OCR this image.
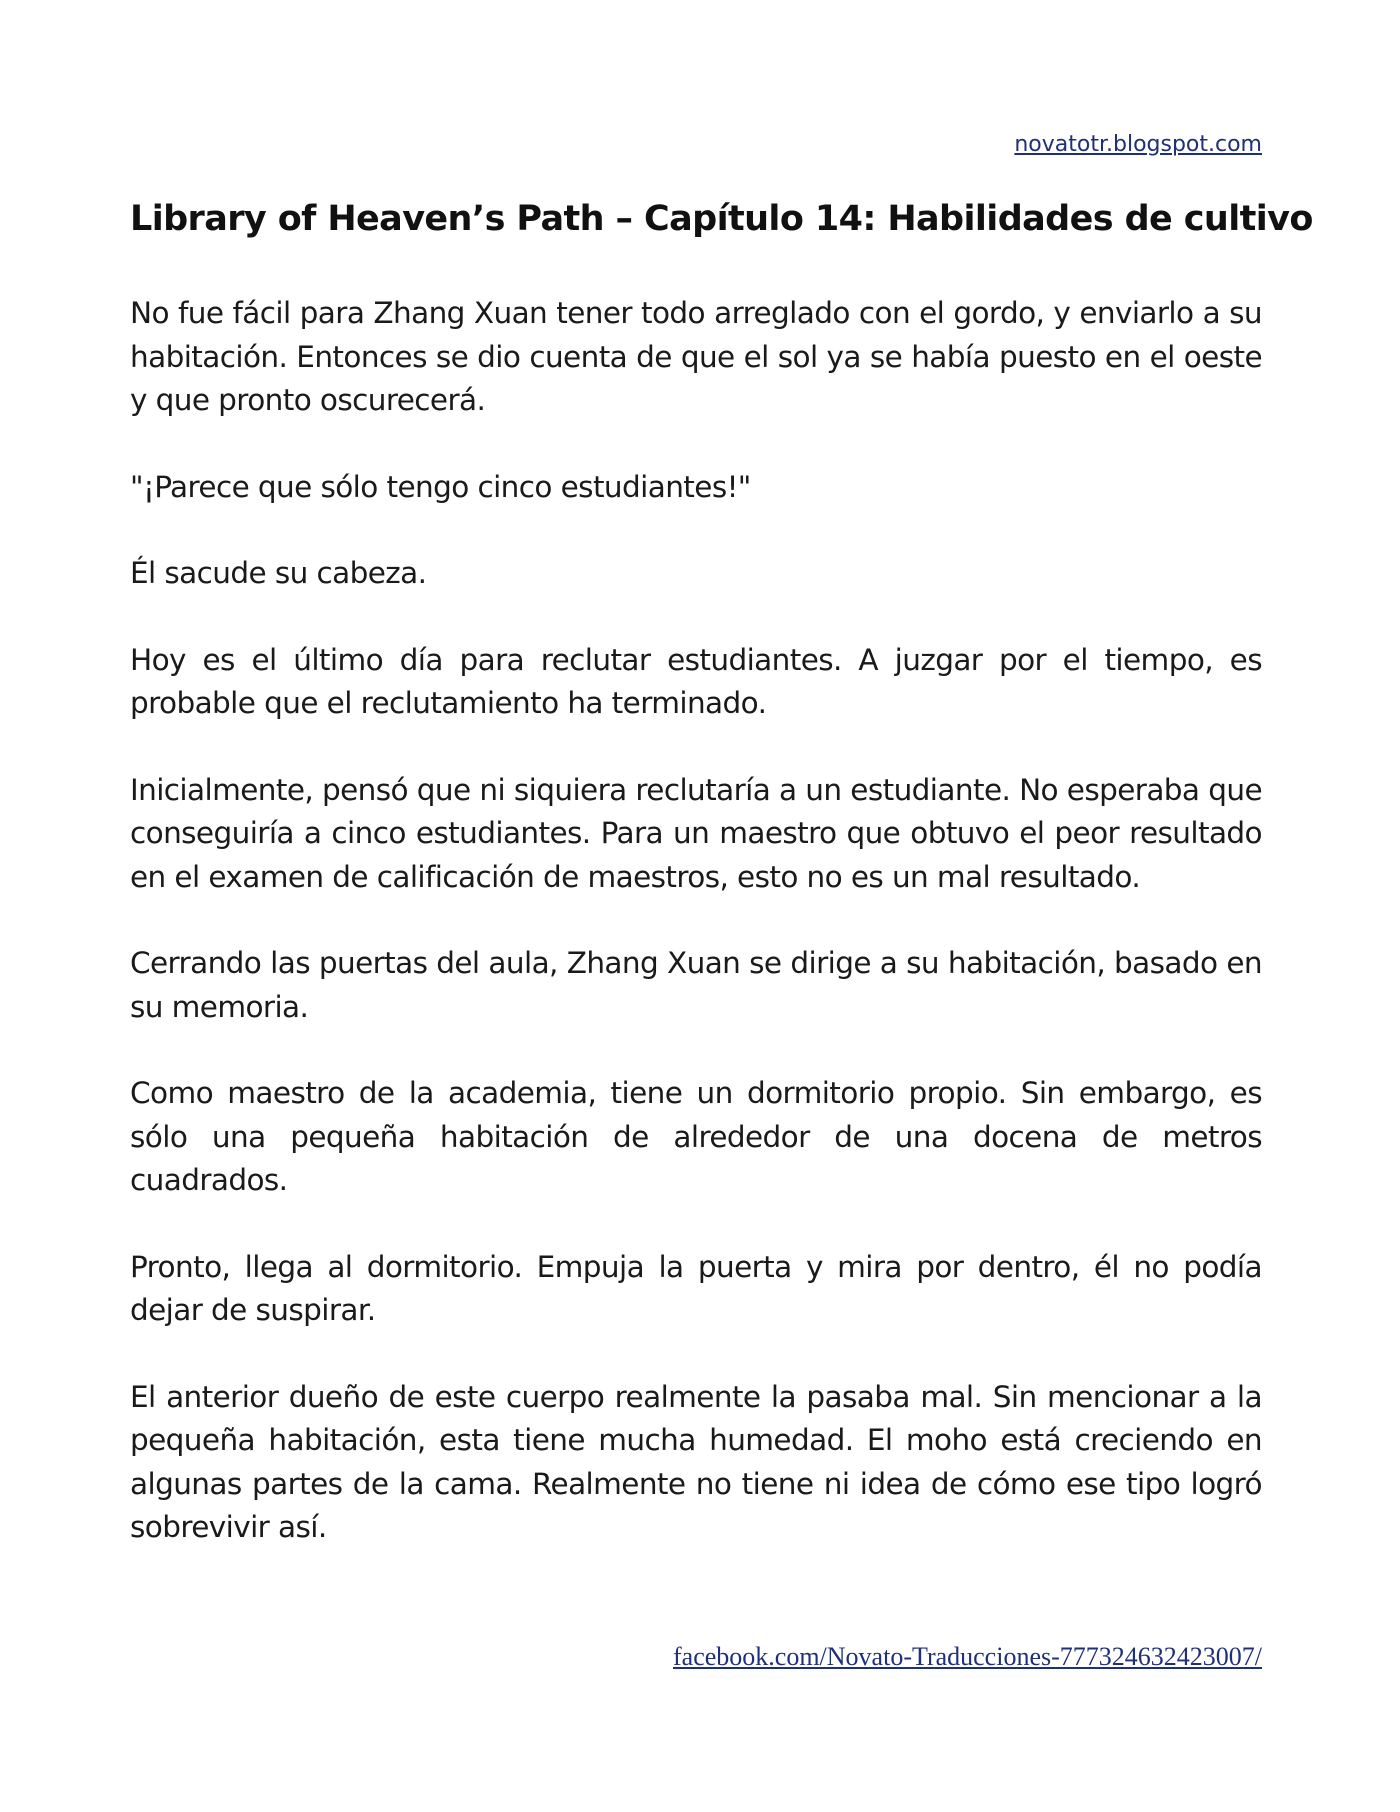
novatotr.blogspot.com
Library of Heaven’s Path – Capítulo 14: Habilidades de cultivo

No fue fácil para Zhang Xuan tener todo arreglado con el gordo, y enviarlo a su habitación. Entonces se dio cuenta de que el sol ya se había puesto en el oeste y que pronto oscurecerá.

"¡Parece que sólo tengo cinco estudiantes!"

Él sacude su cabeza.

Hoy es el último día para reclutar estudiantes. A juzgar por el tiempo, es probable que el reclutamiento ha terminado.

Inicialmente, pensó que ni siquiera reclutaría a un estudiante. No esperaba que conseguiría a cinco estudiantes. Para un maestro que obtuvo el peor resultado en el examen de calificación de maestros, esto no es un mal resultado.

Cerrando las puertas del aula, Zhang Xuan se dirige a su habitación, basado en su memoria.

Como maestro de la academia, tiene un dormitorio propio. Sin embargo, es sólo una pequeña habitación de alrededor de una docena de metros cuadrados.

Pronto, llega al dormitorio. Empuja la puerta y mira por dentro, él no podía dejar de suspirar.

El anterior dueño de este cuerpo realmente la pasaba mal. Sin mencionar a la pequeña habitación, esta tiene mucha humedad. El moho está creciendo en algunas partes de la cama. Realmente no tiene ni idea de cómo ese tipo logró sobrevivir así.

facebook.com/Novato-Traducciones-777324632423007/
